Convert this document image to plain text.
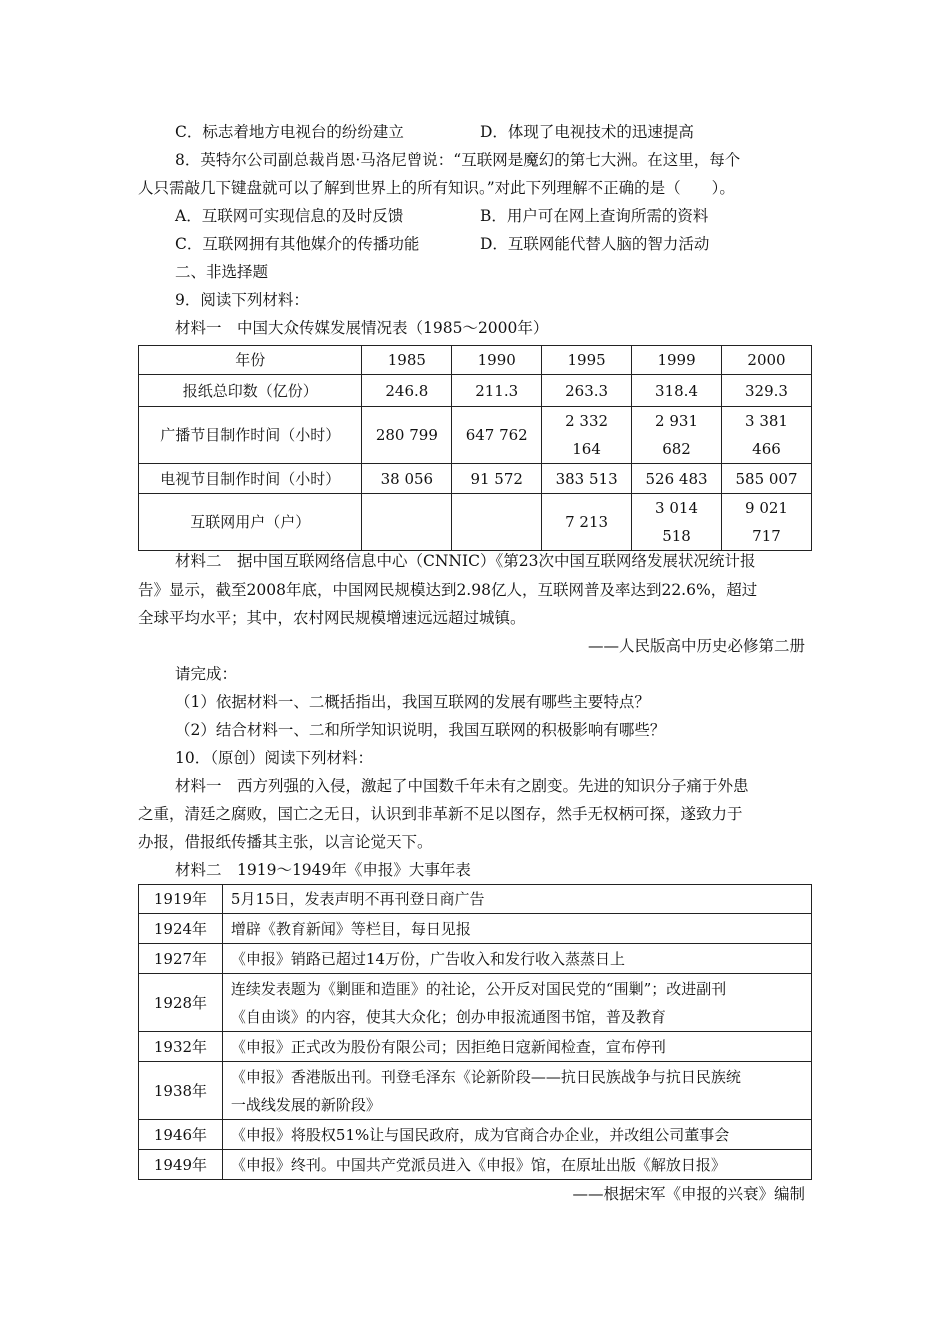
C．标志着地方电视台的纷纷建立	D．体现了电视技术的迅速提高
8．英特尔公司副总裁肖恩·马洛尼曾说：“互联网是魔幻的第七大洲。在这里，每个
人只需敲几下键盘就可以了解到世界上的所有知识。”对此下列理解不正确的是（　　）。
A．互联网可实现信息的及时反馈	B．用户可在网上查询所需的资料
C．互联网拥有其他媒介的传播功能	D．互联网能代替人脑的智力活动
二、非选择题
9．阅读下列材料：
材料一　中国大众传媒发展情况表（1985～2000年）
年份	1985	1990	1995	1999	2000
报纸总印数（亿份）	246.8	211.3	263.3	318.4	329.3
广播节目制作时间（小时）	280 799	647 762	2 332 164	2 931 682	3 381 466
电视节目制作时间（小时）	38 056	91 572	383 513	526 483	585 007
互联网用户（户）			7 213	3 014 518	9 021 717
材料二　据中国互联网络信息中心（CNNIC）《第23次中国互联网络发展状况统计报
告》显示，截至2008年底，中国网民规模达到2.98亿人，互联网普及率达到22.6%，超过
全球平均水平；其中，农村网民规模增速远远超过城镇。
——人民版高中历史必修第二册
请完成：
（1）依据材料一、二概括指出，我国互联网的发展有哪些主要特点？
（2）结合材料一、二和所学知识说明，我国互联网的积极影响有哪些？
10．（原创）阅读下列材料：
材料一　西方列强的入侵，激起了中国数千年未有之剧变。先进的知识分子痛于外患
之重，清廷之腐败，国亡之无日，认识到非革新不足以图存，然手无权柄可探，遂致力于
办报，借报纸传播其主张，以言论觉天下。
材料二　1919～1949年《申报》大事年表
1919年	5月15日，发表声明不再刊登日商广告
1924年	增辟《教育新闻》等栏目，每日见报
1927年	《申报》销路已超过14万份，广告收入和发行收入蒸蒸日上
1928年	连续发表题为《剿匪和造匪》的社论，公开反对国民党的“围剿”；改进副刊
《自由谈》的内容，使其大众化；创办申报流通图书馆，普及教育

1932年	《申报》正式改为股份有限公司；因拒绝日寇新闻检查，宣布停刊
1938年	《申报》香港版出刊。刊登毛泽东《论新阶段——抗日民族战争与抗日民族统
一战线发展的新阶段》

1946年	《申报》将股权51%让与国民政府，成为官商合办企业，并改组公司董事会
1949年	《申报》终刊。中国共产党派员进入《申报》馆，在原址出版《解放日报》
——根据宋军《申报的兴衰》编制
